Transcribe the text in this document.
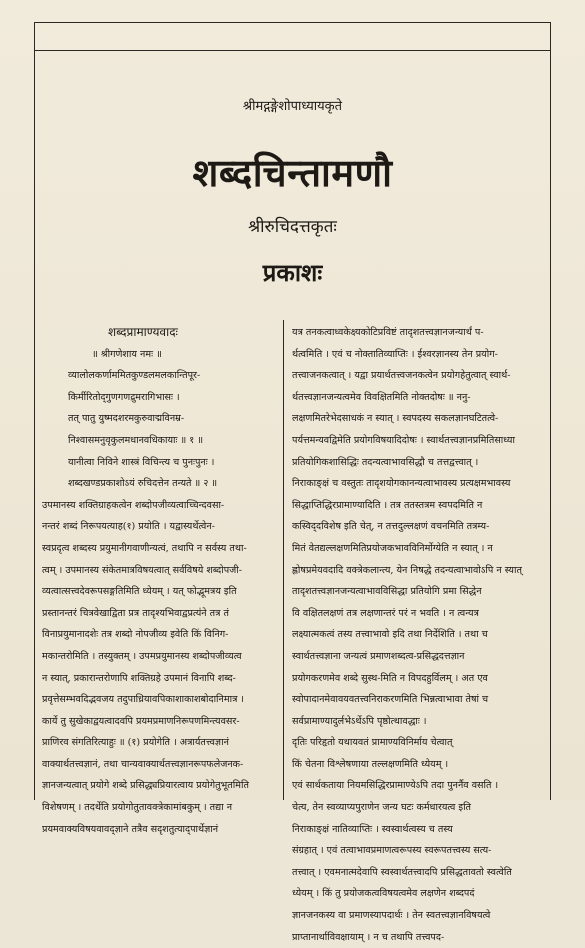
श्रीमद्गङ्गेशोपाध्यायकृते
शब्दचिन्तामणौ
श्रीरुचिदत्तकृतः
प्रकाशः
शब्दप्रामाण्यवादः
॥ श्रीगणेशाय नमः ॥
व्यालोलकर्णाममितकुण्डलमलकान्तिपूर-
किर्मीरितोद्‌गुणगणद्रुमरागिभासः ।
तत् पातु युष्मदशरमकुरुवाद्मविनम्र-
निश्वासमनुवृकुलमधानवधिकायाः ॥ १ ॥
यानीत्वा निविने शास्त्रं विचिन्त्य च पुनःपुनः ।
शब्दखण्डप्रकाशोऽयं रुचिदत्तेन तन्यते ॥ २ ॥
उपमानस्य शक्तिग्राहकत्वेन शब्दोपजीव्यत्वाच्चिन्दवसा-
नन्तरं शब्दं निरूपयत्याह(१) प्रयोति । यद्वास्यर्थेत्वेन-
स्वप्रदृत्व शब्दस्य प्रयुमानीगवाणीन्यत्वं, तथापि न सर्वस्य तथा-
त्वम् । उपमानस्य संकेतमात्रविषयत्वात् सर्वविषये शब्दोपजी-
व्यत्वात्सत्त्वदेवरूपसङ्गतिमिति ध्येयम् । यत् फोद्भूमत्रय इति
प्रस्तानन्तरं चित्रवेखाद्विता प्रत्र तादृश्यभिवाद्वप्रत्य॑ने तत्र तं
विनाप्रयुमानादशेः तत्र शब्दो नोपजीव्य इवेति किं विनिग-
मकान्तरोमिति । तस्युक्तम् । उपमप्रयुमानस्य शब्दोपजीव्यत्व
न स्यात्, प्रकारान्तरोणापि शक्तिग्रहे उपमानं विनापि शब्द-
प्रवृत्तेसम्भवदिद्भवजय तदुपाध्रियावपिकाशाकाशबोदानिमात्र ।
कार्ये तु सुखेकाद्वयत्वादवपि प्रयमप्रमाणनिरूपणमिन्त्यवसर-
प्राणिरव संगतिरित्याहुः ॥ (१) प्रयोगेति । अत्रार्यतत्त्वज्ञानं
वाक्यार्थतत्त्वज्ञानं, तथा चान्यवाक्यार्थतत्त्वज्ञानरूपफलेजनक-
ज्ञानजन्यत्वात् प्रयोगे शब्दे प्रसिद्ध्यप्रियारत्वाय प्रयोगेतुभूतमिति
विशेषणम् । तदर्थेति प्रयोगोतुतावक्त्रेकामांबकुम् । तद्या न
प्रयमवाक्यविषयवावद्ज्ञाने तत्रैव सदृशतुत्याद्‌पार्थेज्ञानं
यत्र तनकत्वाध्वकेक्ष्यकोटिप्रविष्टं तादृशतत्त्वज्ञानजन्यार्थं प-
र्थत्वमिति । एवं च नोक्तातिव्याप्तिः । ईश्वरज्ञानस्य तेन प्रयोग-
तत्त्वाजनकत्वात् । यद्वा प्रयार्थतत्त्वजनकत्वेन प्रयोगहेतुत्वात् स्वार्थ-
र्थतत्त्वज्ञानजन्यत्वमेव विवक्षितमिति नोक्तदोषः ॥ ननु-
लक्षणमितरेभेदसाधकं न स्यात् । स्वपदस्य सकलज्ञानघटितत्वे-
पर्यत्तमन्यवद्विमेति प्रयोगविषयादिदोषः । स्वार्थतत्त्वज्ञानप्रमितिसाध्या
प्रतियोगिकशासिद्धिः तदन्यत्वाभावसिद्धौ च तत्तद्वत्त्वात् ।
निराकाङ्क्षं च वस्तुतः तादृशयोगकानन्यत्वाभावस्य प्रत्यक्षमभावस्य
सिद्धाप्तिद्धिरप्रामाण्यादिति । तत्र ततस्तत्रम स्वपदमिति न
कस्विद्‌दविशेष इति चेत्, न तत्तदुल्लक्षणं वचनमिति तत्रम्य-
मितं वेतद्यल्लक्षणमितिप्रयोजकभावविनिर्मोग्येति न स्यात् । न
ह्लोषप्रमेयवदादि वक्त्रेकलान्त्य, येन निषद्धे तदन्यत्वाभावोऽपि न स्यात्
तादृशतत्त्वज्ञानजन्यत्वाभावविसिद्धा प्रतियोगि प्रमा सिद्धेन
वि वक्षितलक्षणं तत्र लक्षणान्तरं परं न भवति । न त्वन्यत्र
लक्ष्यात्मकत्वं तस्य तत्त्वाभावो इदि तथा निर्देशिति । तथा च
स्वार्थतत्त्वज्ञाना जन्यत्वं प्रमाणशब्दत्व-प्रसिद्धदत्तज्ञान
प्रयोगकरणमेव शब्दे सुस्थ-मिति न विपदहुर्विलम् । अत एव
स्वोपादानमेवावयवतत्त्वनिराकरणमिति भिन्नत्वाभावा तेषां च
सर्वप्रामाण्यादुर्लभेऽर्थेऽपि पृष्ठोत्थावद्धाः ।
दृतिः परिहृतो यथायवतं प्रामाण्यविनिर्माय चेत्वात्
किं चेतना विश्लेषणाया तल्लक्षणमिति ध्येयम् ।
एवं सार्थकताया नियमसिद्धिरप्रामाण्येऽपि तदा पुनर्नैव वसति ।
चेत्य, तेन स्वव्याप्यपुराणेन जन्य घटः कर्मधारयत्व इति
निराकाङ्क्षं नातिव्याप्तिः । स्वस्वार्थत्वस्य च तस्य
संग्रहात् । एवं तत्वाभावप्रमाणत्वरूपस्य स्वरूपतत्त्वस्य सत्य-
तत्त्वात् । एवमनात्मदेवापि स्वस्वार्थतत्त्वादपि प्रसिद्धतावतो स्वत्वेति
ध्येयम् । किं तु प्रयोजकत्वविषयत्वमेव लक्षणेन शब्दपदं
ज्ञानजनकस्य वा प्रमाणस्यापदार्थः । तेन स्वतत्त्वज्ञानविषयत्वे
प्राप्तानार्थाविवक्षायाम् । न च तथापि तत्त्वपद-
